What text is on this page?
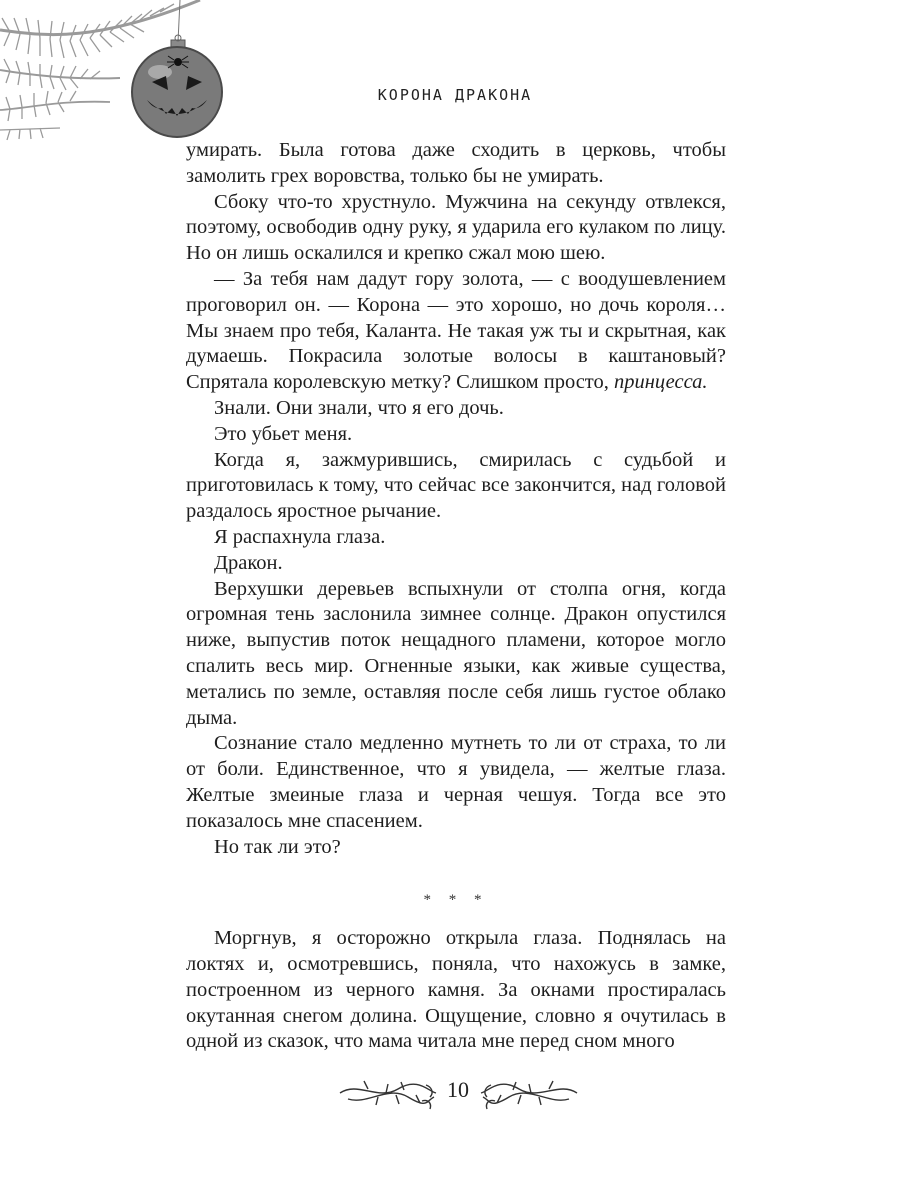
КОРОНА ДРАКОНА

умирать. Была готова даже сходить в церковь, чтобы замолить грех воровства, только бы не умирать.

Сбоку что-то хрустнуло. Мужчина на секунду отвлекся, поэтому, освободив одну руку, я ударила его кулаком по лицу. Но он лишь оскалился и крепко сжал мою шею.

— За тебя нам дадут гору золота, — с воодушевлением проговорил он. — Корона — это хорошо, но дочь короля… Мы знаем про тебя, Каланта. Не такая уж ты и скрытная, как думаешь. Покрасила золотые волосы в каштановый? Спрятала королевскую метку? Слишком просто, принцесса.

Знали. Они знали, что я его дочь.

Это убьет меня.

Когда я, зажмурившись, смирилась с судьбой и приготовилась к тому, что сейчас все закончится, над головой раздалось яростное рычание.

Я распахнула глаза.

Дракон.

Верхушки деревьев вспыхнули от столпа огня, когда огромная тень заслонила зимнее солнце. Дракон опустился ниже, выпустив поток нещадного пламени, которое могло спалить весь мир. Огненные языки, как живые существа, метались по земле, оставляя после себя лишь густое облако дыма.

Сознание стало медленно мутнеть то ли от страха, то ли от боли. Единственное, что я увидела, — желтые глаза. Желтые змеиные глаза и черная чешуя. Тогда все это показалось мне спасением.

Но так ли это?

* * *

Моргнув, я осторожно открыла глаза. Поднялась на локтях и, осмотревшись, поняла, что нахожусь в замке, построенном из черного камня. За окнами простиралась окутанная снегом долина. Ощущение, словно я очутилась в одной из сказок, что мама читала мне перед сном много

10
